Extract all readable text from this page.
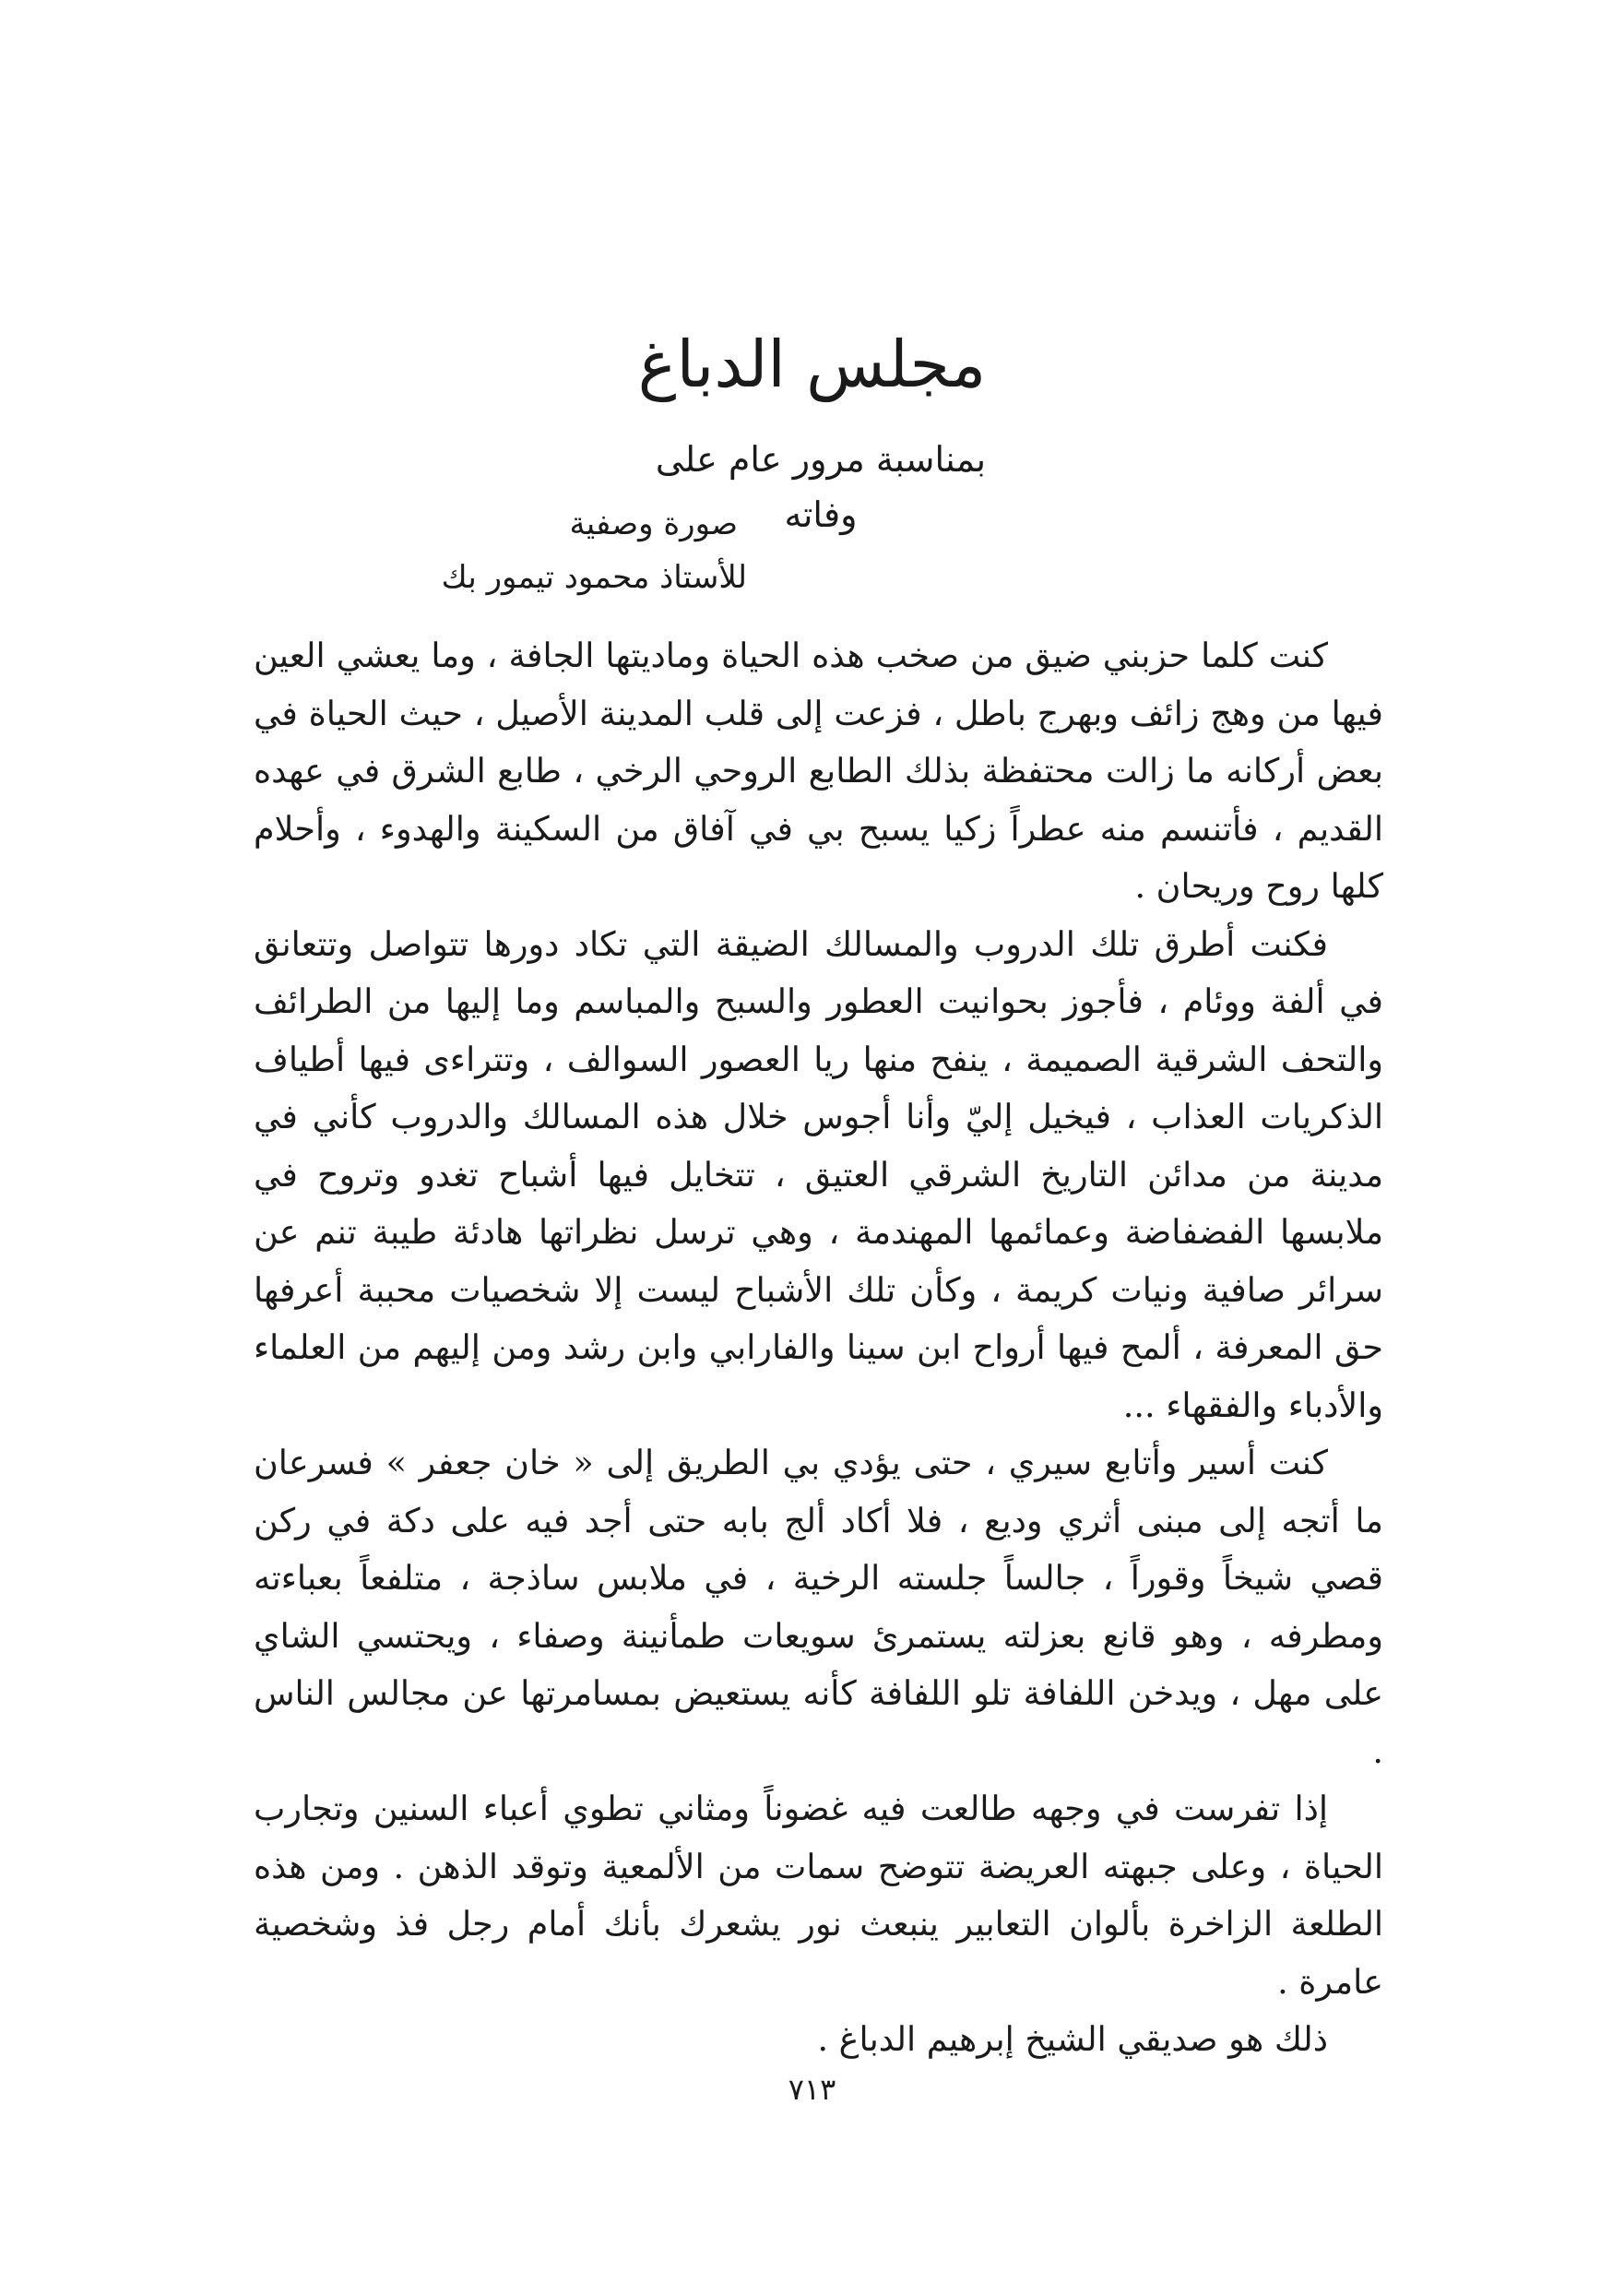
مجلس الدباغ
بمناسبة مرور عام على وفاته
صورة وصفية
للأستاذ محمود تيمور بك

كنت كلما حزبني ضيق من صخب هذه الحياة وماديتها الجافة ، وما يعشي العين فيها من وهج زائف وبهرج باطل ، فزعت إلى قلب المدينة الأصيل ، حيث الحياة في بعض أركانه ما زالت محتفظة بذلك الطابع الروحي الرخي ، طابع الشرق في عهده القديم ، فأتنسم منه عطراً زكيا يسبح بي في آفاق من السكينة والهدوء ، وأحلام كلها روح وريحان .

فكنت أطرق تلك الدروب والمسالك الضيقة التي تكاد دورها تتواصل وتتعانق في ألفة ووئام ، فأجوز بحوانيت العطور والسبح والمباسم وما إليها من الطرائف والتحف الشرقية الصميمة ، ينفح منها ريا العصور السوالف ، وتتراءى فيها أطياف الذكريات العذاب ، فيخيل إليّ وأنا أجوس خلال هذه المسالك والدروب كأني في مدينة من مدائن التاريخ الشرقي العتيق ، تتخايل فيها أشباح تغدو وتروح في ملابسها الفضفاضة وعمائمها المهندمة ، وهي ترسل نظراتها هادئة طيبة تنم عن سرائر صافية ونيات كريمة ، وكأن تلك الأشباح ليست إلا شخصيات محببة أعرفها حق المعرفة ، ألمح فيها أرواح ابن سينا والفارابي وابن رشد ومن إليهم من العلماء والأدباء والفقهاء ...

كنت أسير وأتابع سيري ، حتى يؤدي بي الطريق إلى « خان جعفر » فسرعان ما أتجه إلى مبنى أثري وديع ، فلا أكاد ألج بابه حتى أجد فيه على دكة في ركن قصي شيخاً وقوراً ، جالساً جلسته الرخية ، في ملابس ساذجة ، متلفعاً بعباءته ومطرفه ، وهو قانع بعزلته يستمرئ سويعات طمأنينة وصفاء ، ويحتسي الشاي على مهل ، ويدخن اللفافة تلو اللفافة كأنه يستعيض بمسامرتها عن مجالس الناس .

إذا تفرست في وجهه طالعت فيه غضوناً ومثاني تطوي أعباء السنين وتجارب الحياة ، وعلى جبهته العريضة تتوضح سمات من الألمعية وتوقد الذهن . ومن هذه الطلعة الزاخرة بألوان التعابير ينبعث نور يشعرك بأنك أمام رجل فذ وشخصية عامرة .

ذلك هو صديقي الشيخ إبرهيم الدباغ .

٧١٣
